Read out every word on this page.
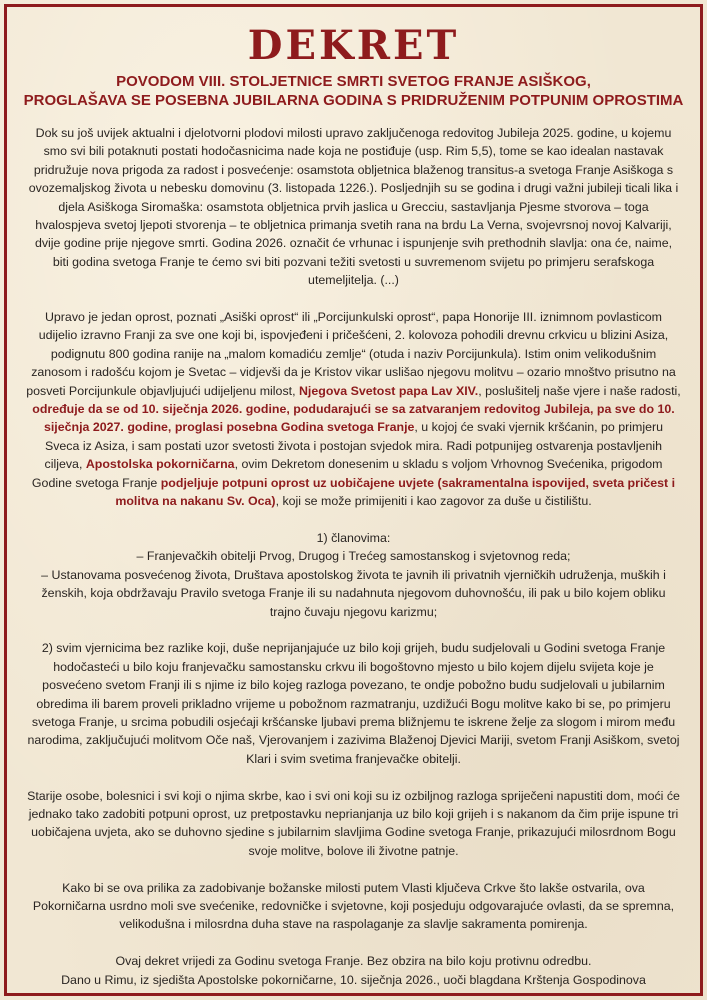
DEKRET
POVODOM VIII. STOLJETNICE SMRTI SVETOG FRANJE ASIŠKOG,
PROGLAŠAVA SE POSEBNA JUBILARNA GODINA S PRIDRUŽENIM POTPUNIM OPROSTIMA

Dok su još uvijek aktualni i djelotvorni plodovi milosti upravo zaključenoga redovitog Jubileja 2025. godine, u kojemu smo svi bili potaknuti postati hodočasnicima nade koja ne postiđuje (usp. Rim 5,5), tome se kao idealan nastavak pridružuje nova prigoda za radost i posvećenje: osamstota obljetnica blaženog transitus-a svetoga Franje Asiškoga s ovozemaljskog života u nebesku domovinu (3. listopada 1226.). Posljednjih su se godina i drugi važni jubileji ticali lika i djela Asiškoga Siromaška: osamstota obljetnica prvih jaslica u Grecciu, sastavljanja Pjesme stvorova – toga hvalospjeva svetoj ljepoti stvorenja – te obljetnica primanja svetih rana na brdu La Verna, svojevrsnoj novoj Kalvariji, dvije godine prije njegove smrti. Godina 2026. označit će vrhunac i ispunjenje svih prethodnih slavlja: ona će, naime, biti godina svetoga Franje te ćemo svi biti pozvani težiti svetosti u suvremenom svijetu po primjeru serafskoga utemeljitelja. (...)

Upravo je jedan oprost, poznati „Asiški oprost“ ili „Porcijunkulski oprost“, papa Honorije III. iznimnom povlasticom udijelio izravno Franji za sve one koji bi, ispovjeđeni i pričešćeni, 2. kolovoza pohodili drevnu crkvicu u blizini Asiza, podignutu 800 godina ranije na „malom komadiću zemlje“ (otuda i naziv Porcijunkula). Istim onim velikodušnim zanosom i radošću kojom je Svetac – vidjevši da je Kristov vikar uslišao njegovu molitvu – ozario mnoštvo prisutno na posveti Porcijunkule objavljujući udijeljenu milost, Njegova Svetost papa Lav XIV., poslušitelj naše vjere i naše radosti, određuje da se od 10. siječnja 2026. godine, podudarajući se sa zatvaranjem redovitog Jubileja, pa sve do 10. siječnja 2027. godine, proglasi posebna Godina svetoga Franje, u kojoj će svaki vjernik kršćanin, po primjeru Sveca iz Asiza, i sam postati uzor svetosti života i postojan svjedok mira. Radi potpunijeg ostvarenja postavljenih ciljeva, Apostolska pokorničarna, ovim Dekretom donesenim u skladu s voljom Vrhovnog Svećenika, prigodom Godine svetoga Franje podjeljuje potpuni oprost uz uobičajene uvjete (sakramentalna ispovijed, sveta pričest i molitva na nakanu Sv. Oca), koji se može primijeniti i kao zagovor za duše u čistilištu.

1) članovima:
– Franjevačkih obitelji Prvog, Drugog i Trećeg samostanskog i svjetovnog reda;
– Ustanovama posvećenog života, Društava apostolskog života te javnih ili privatnih vjerničkih udruženja, muških i ženskih, koja obdržavaju Pravilo svetoga Franje ili su nadahnuta njegovom duhovnošću, ili pak u bilo kojem obliku trajno čuvaju njegovu karizmu;

2) svim vjernicima bez razlike koji, duše neprijanjajuće uz bilo koji grijeh, budu sudjelovali u Godini svetoga Franje hodočasteći u bilo koju franjevačku samostansku crkvu ili bogoštovno mjesto u bilo kojem dijelu svijeta koje je posvećeno svetom Franji ili s njime iz bilo kojeg razloga povezano, te ondje pobožno budu sudjelovali u jubilarnim obredima ili barem proveli prikladno vrijeme u pobožnom razmatranju, uzdižući Bogu molitve kako bi se, po primjeru svetoga Franje, u srcima pobudili osjećaji kršćanske ljubavi prema bližnjemu te iskrene želje za slogom i mirom među narodima, zaključujući molitvom Oče naš, Vjerovanjem i zazivima Blaženoj Djevici Mariji, svetom Franji Asiškom, svetoj Klari i svim svetima franjevačke obitelji.

Starije osobe, bolesnici i svi koji o njima skrbe, kao i svi oni koji su iz ozbiljnog razloga spriječeni napustiti dom, moći će jednako tako zadobiti potpuni oprost, uz pretpostavku neprianjanja uz bilo koji grijeh i s nakanom da čim prije ispune tri uobičajena uvjeta, ako se duhovno sjedine s jubilarnim slavljima Godine svetoga Franje, prikazujući milosrdnom Bogu svoje molitve, bolove ili životne patnje.

Kako bi se ova prilika za zadobivanje božanske milosti putem Vlasti ključeva Crkve što lakše ostvarila, ova Pokorničarna usrdno moli sve svećenike, redovničke i svjetovne, koji posjeduju odgovarajuće ovlasti, da se spremna, velikodušna i milosrdna duha stave na raspolaganje za slavlje sakramenta pomirenja.

Ovaj dekret vrijedi za Godinu svetoga Franje. Bez obzira na bilo koju protivnu odredbu.
Dano u Rimu, iz sjedišta Apostolske pokorničarne, 10. siječnja 2026., uoči blagdana Krštenja Gospodinova
